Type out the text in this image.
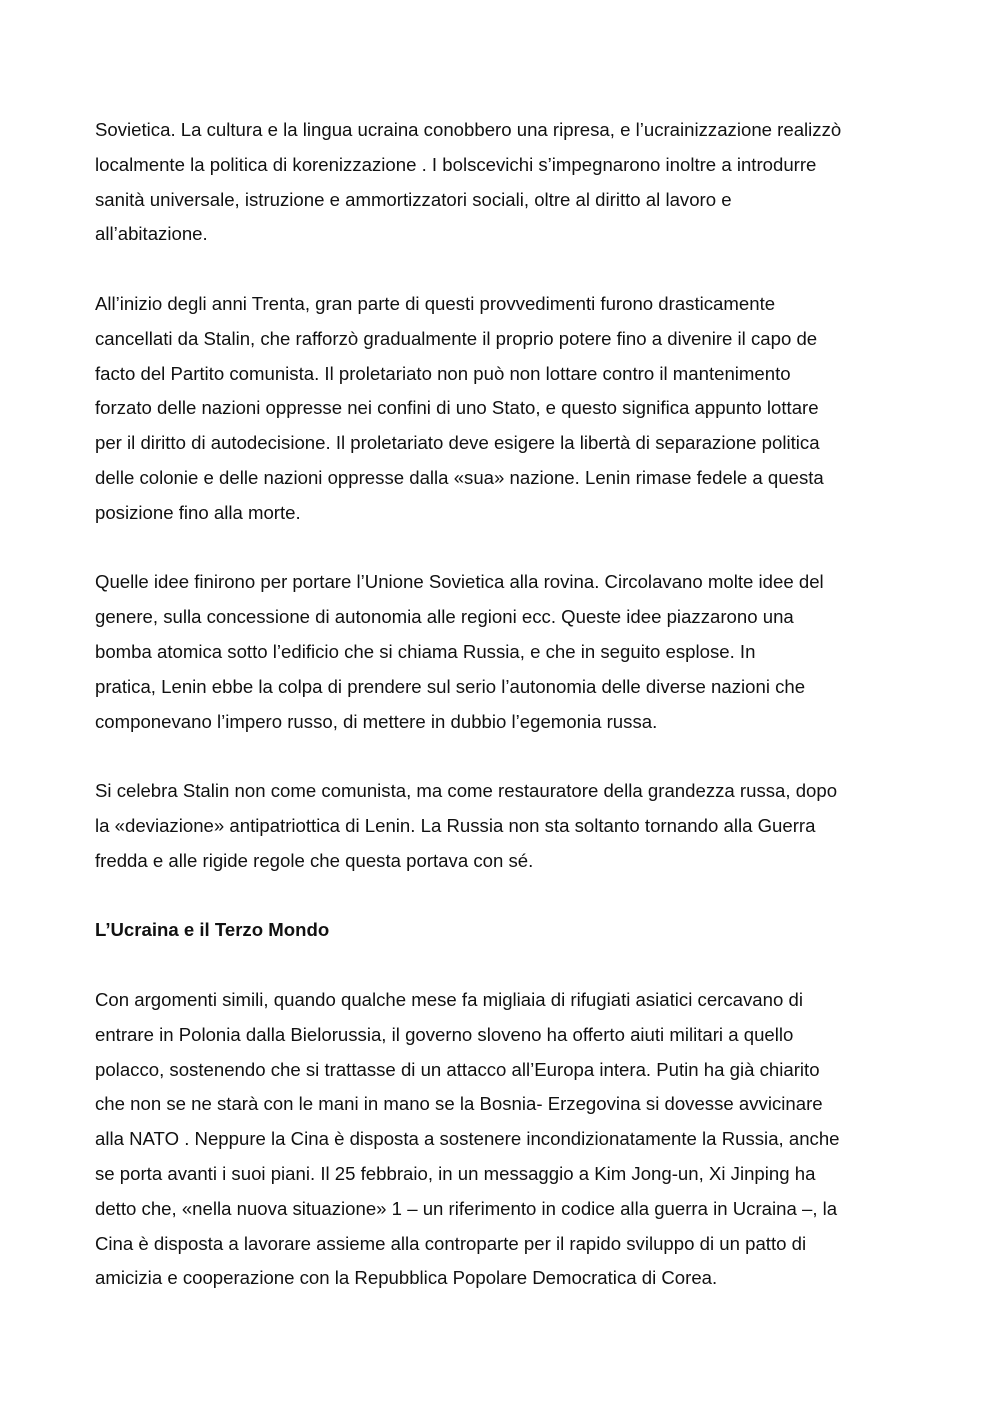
Sovietica. La cultura e la lingua ucraina conobbero una ripresa, e l’ucrainizzazione realizzò
localmente la politica di korenizzazione . I bolscevichi s’impegnarono inoltre a introdurre
sanità universale, istruzione e ammortizzatori sociali, oltre al diritto al lavoro e
all’abitazione.
All’inizio degli anni Trenta, gran parte di questi provvedimenti furono drasticamente
cancellati da Stalin, che rafforzò gradualmente il proprio potere fino a divenire il capo de
facto del Partito comunista. Il proletariato non può non lottare contro il mantenimento
forzato delle nazioni oppresse nei confini di uno Stato, e questo significa appunto lottare
per il diritto di autodecisione. Il proletariato deve esigere la libertà di separazione politica
delle colonie e delle nazioni oppresse dalla «sua» nazione. Lenin rimase fedele a questa
posizione fino alla morte.
Quelle idee finirono per portare l’Unione Sovietica alla rovina. Circolavano molte idee del
genere, sulla concessione di autonomia alle regioni ecc. Queste idee piazzarono una
bomba atomica sotto l’edificio che si chiama Russia, e che in seguito esplose. In
pratica, Lenin ebbe la colpa di prendere sul serio l’autonomia delle diverse nazioni che
componevano l’impero russo, di mettere in dubbio l’egemonia russa.
Si celebra Stalin non come comunista, ma come restauratore della grandezza russa, dopo
la «deviazione» antipatriottica di Lenin. La Russia non sta soltanto tornando alla Guerra
fredda e alle rigide regole che questa portava con sé.
L’Ucraina e il Terzo Mondo
Con argomenti simili, quando qualche mese fa migliaia di rifugiati asiatici cercavano di
entrare in Polonia dalla Bielorussia, il governo sloveno ha offerto aiuti militari a quello
polacco, sostenendo che si trattasse di un attacco all’Europa intera. Putin ha già chiarito
che non se ne starà con le mani in mano se la Bosnia- Erzegovina si dovesse avvicinare
alla NATO . Neppure la Cina è disposta a sostenere incondizionatamente la Russia, anche
se porta avanti i suoi piani. Il 25 febbraio, in un messaggio a Kim Jong-un, Xi Jinping ha
detto che, «nella nuova situazione» 1 – un riferimento in codice alla guerra in Ucraina –, la
Cina è disposta a lavorare assieme alla controparte per il rapido sviluppo di un patto di
amicizia e cooperazione con la Repubblica Popolare Democratica di Corea.
